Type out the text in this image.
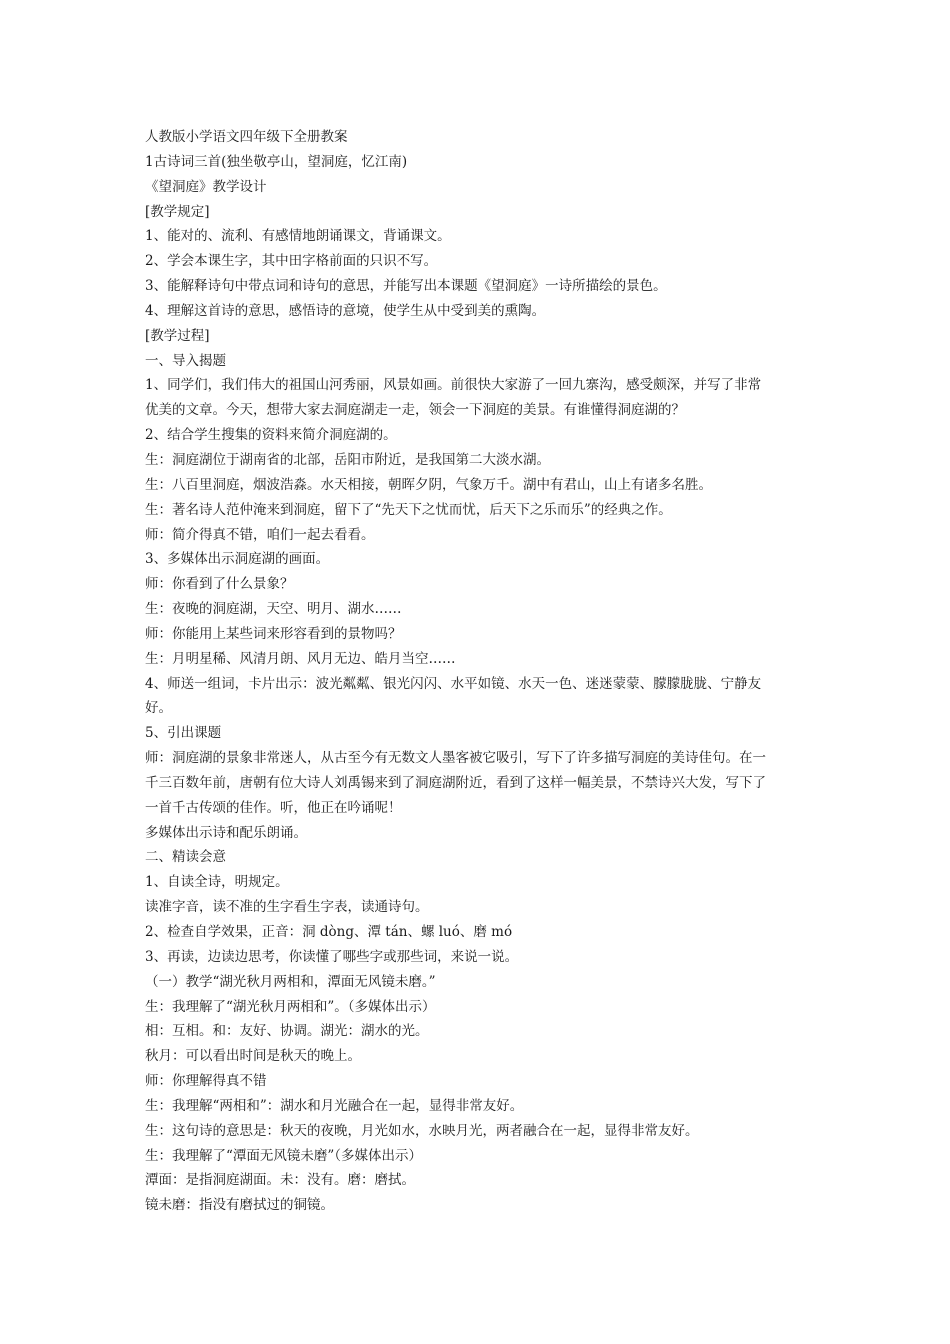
人教版小学语文四年级下全册教案
1古诗词三首(独坐敬亭山，望洞庭，忆江南)
《望洞庭》教学设计
[教学规定]
1、能对的、流利、有感情地朗诵课文，背诵课文。
2、学会本课生字，其中田字格前面的只识不写。
3、能解释诗句中带点词和诗句的意思，并能写出本课题《望洞庭》一诗所描绘的景色。
4、理解这首诗的意思，感悟诗的意境，使学生从中受到美的熏陶。
[教学过程]
一、导入揭题
1、同学们，我们伟大的祖国山河秀丽，风景如画。前很快大家游了一回九寨沟，感受颇深，并写了非常
优美的文章。今天，想带大家去洞庭湖走一走，领会一下洞庭的美景。有谁懂得洞庭湖的？
2、结合学生搜集的资料来简介洞庭湖的。
生：洞庭湖位于湖南省的北部，岳阳市附近，是我国第二大淡水湖。
生：八百里洞庭，烟波浩淼。水天相接，朝晖夕阴，气象万千。湖中有君山，山上有诸多名胜。
生：著名诗人范仲淹来到洞庭，留下了“先天下之忧而忧，后天下之乐而乐”的经典之作。
师：简介得真不错，咱们一起去看看。
3、多媒体出示洞庭湖的画面。
师：你看到了什么景象？
生：夜晚的洞庭湖，天空、明月、湖水……
师：你能用上某些词来形容看到的景物吗？
生：月明星稀、风清月朗、风月无边、皓月当空……
4、师送一组词，卡片出示：波光粼粼、银光闪闪、水平如镜、水天一色、迷迷蒙蒙、朦朦胧胧、宁静友
好。
5、引出课题
师：洞庭湖的景象非常迷人，从古至今有无数文人墨客被它吸引，写下了许多描写洞庭的美诗佳句。在一
千三百数年前，唐朝有位大诗人刘禹锡来到了洞庭湖附近，看到了这样一幅美景，不禁诗兴大发，写下了
一首千古传颂的佳作。听，他正在吟诵呢！
多媒体出示诗和配乐朗诵。
二、精读会意
1、自读全诗，明规定。
读准字音，读不准的生字看生字表，读通诗句。
2、检查自学效果，正音：洞 dòng、潭 tán、螺 luó、磨 mó
3、再读，边读边思考，你读懂了哪些字或那些词，来说一说。
（一）教学“湖光秋月两相和，潭面无风镜未磨。”
生：我理解了“湖光秋月两相和”。（多媒体出示）
相：互相。和：友好、协调。湖光：湖水的光。
秋月：可以看出时间是秋天的晚上。
师：你理解得真不错
生：我理解“两相和”：湖水和月光融合在一起，显得非常友好。
生：这句诗的意思是：秋天的夜晚，月光如水，水映月光，两者融合在一起，显得非常友好。
生：我理解了“潭面无风镜未磨”（多媒体出示）
潭面：是指洞庭湖面。未：没有。磨：磨拭。
镜未磨：指没有磨拭过的铜镜。
